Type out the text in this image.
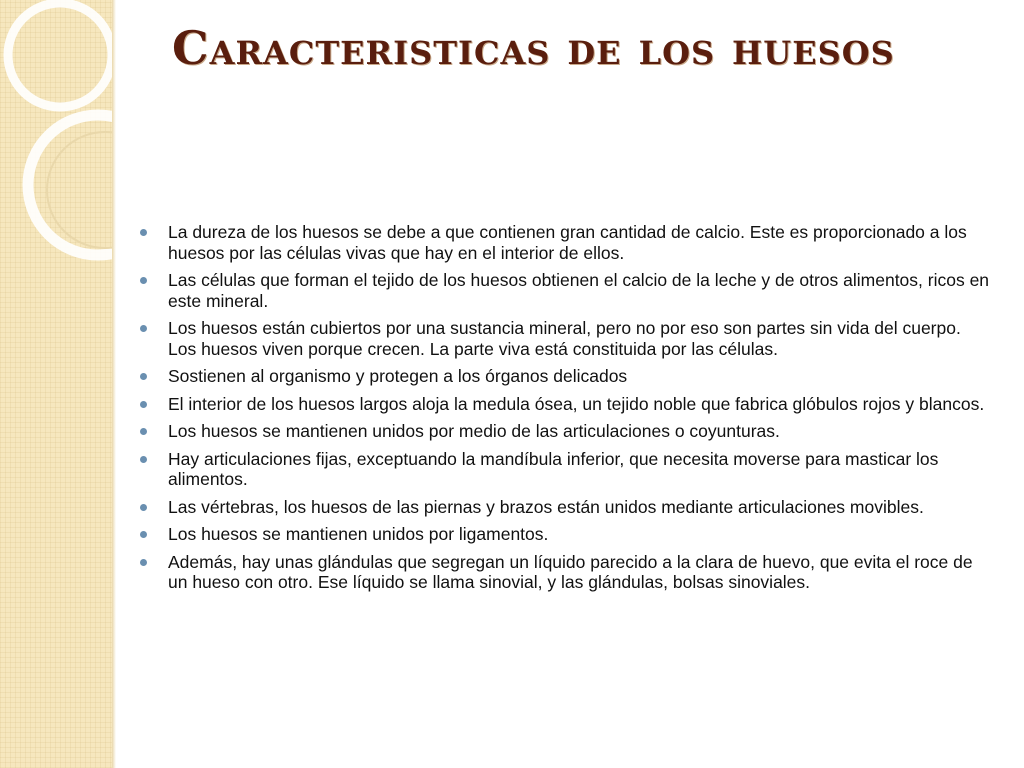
Caracteristicas de los huesos
La dureza de los huesos se debe a que contienen gran cantidad de calcio. Este es proporcionado a los huesos por las células vivas que hay en el interior de ellos.
Las células que forman el tejido de los huesos obtienen el calcio de la leche y de otros alimentos, ricos en este mineral.
Los huesos están cubiertos por una sustancia mineral, pero no por eso son partes sin vida del cuerpo. Los huesos viven porque crecen. La parte viva está constituida por las células.
Sostienen al organismo y protegen a los órganos delicados
El interior de los huesos largos aloja la medula ósea, un tejido noble que fabrica glóbulos rojos y blancos.
Los huesos se mantienen unidos por medio de las articulaciones o coyunturas.
Hay articulaciones fijas, exceptuando la mandíbula inferior, que necesita moverse para masticar los alimentos.
Las vértebras, los huesos de las piernas y brazos están unidos mediante articulaciones movibles.
Los huesos se mantienen unidos por ligamentos.
Además, hay unas glándulas que segregan un líquido parecido a la clara de huevo, que evita el roce de un hueso con otro. Ese líquido se llama sinovial, y las glándulas, bolsas sinoviales.
